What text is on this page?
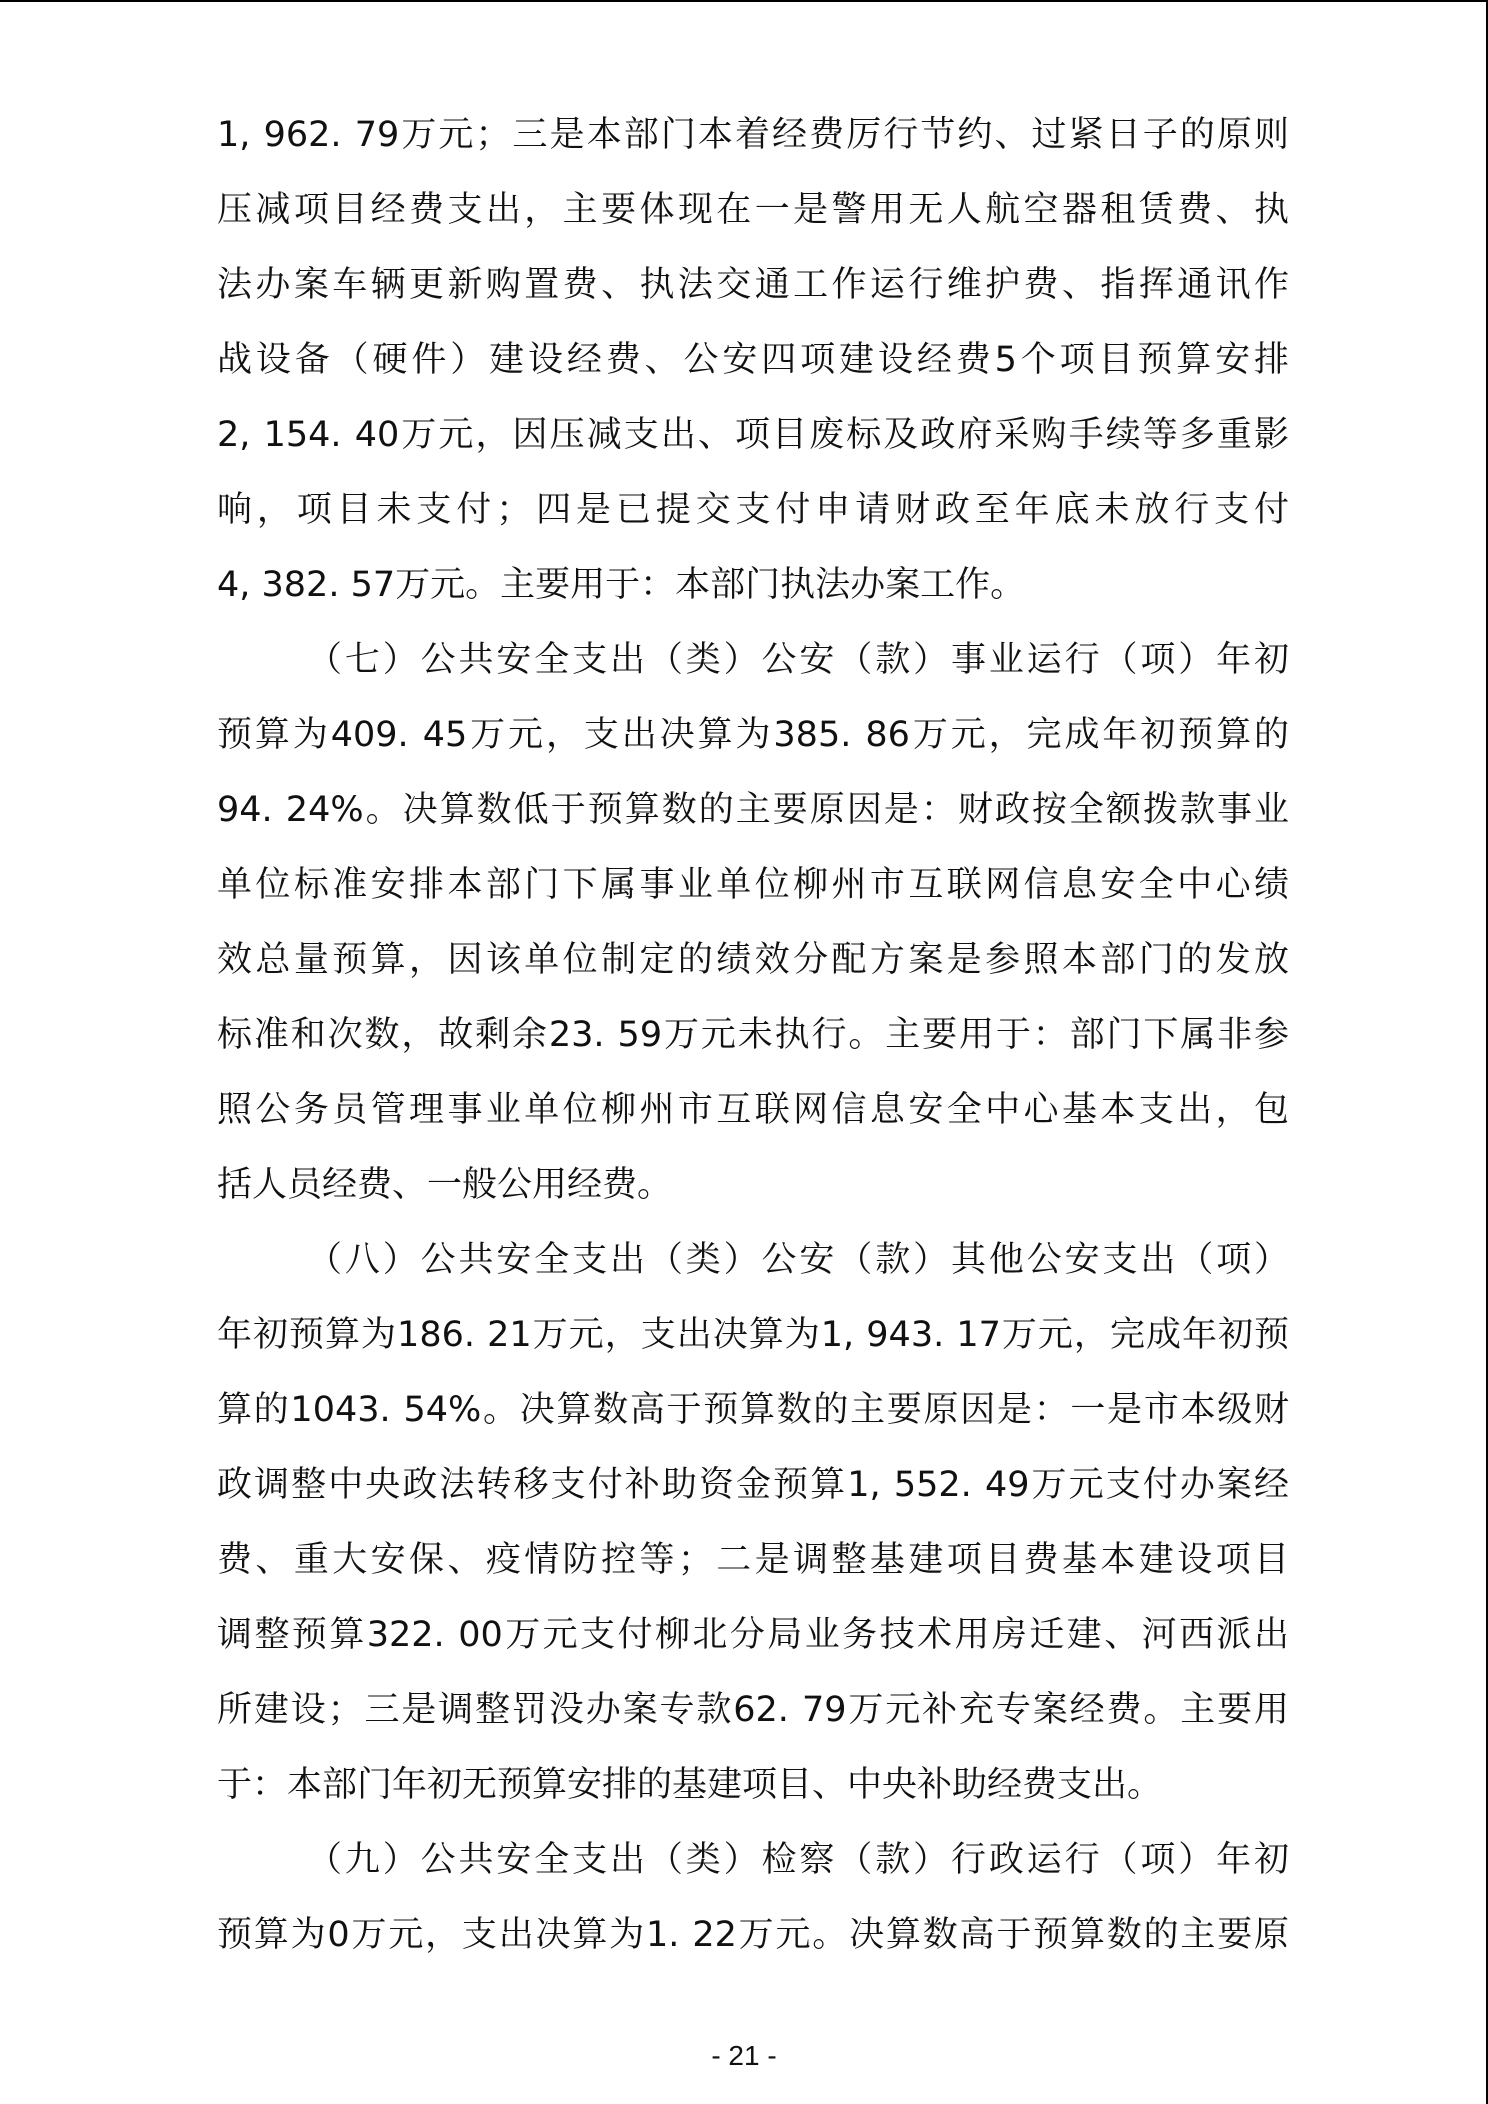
1, 962. 79万元；三是本部门本着经费厉行节约、过紧日子的原则
压减项目经费支出，主要体现在一是警用无人航空器租赁费、执
法办案车辆更新购置费、执法交通工作运行维护费、指挥通讯作
战设备（硬件）建设经费、公安四项建设经费5个项目预算安排
2, 154. 40万元，因压减支出、项目废标及政府采购手续等多重影
响，项目未支付；四是已提交支付申请财政至年底未放行支付
4, 382. 57万元。主要用于：本部门执法办案工作。
（七）公共安全支出（类）公安（款）事业运行（项）年初
预算为409. 45万元，支出决算为385. 86万元，完成年初预算的
94. 24%。决算数低于预算数的主要原因是：财政按全额拨款事业
单位标准安排本部门下属事业单位柳州市互联网信息安全中心绩
效总量预算，因该单位制定的绩效分配方案是参照本部门的发放
标准和次数，故剩余23. 59万元未执行。主要用于：部门下属非参
照公务员管理事业单位柳州市互联网信息安全中心基本支出，包
括人员经费、一般公用经费。
（八）公共安全支出（类）公安（款）其他公安支出（项）
年初预算为186. 21万元，支出决算为1, 943. 17万元，完成年初预
算的1043. 54%。决算数高于预算数的主要原因是：一是市本级财
政调整中央政法转移支付补助资金预算1, 552. 49万元支付办案经
费、重大安保、疫情防控等；二是调整基建项目费基本建设项目
调整预算322. 00万元支付柳北分局业务技术用房迁建、河西派出
所建设；三是调整罚没办案专款62. 79万元补充专案经费。主要用
于：本部门年初无预算安排的基建项目、中央补助经费支出。
（九）公共安全支出（类）检察（款）行政运行（项）年初
预算为0万元，支出决算为1. 22万元。决算数高于预算数的主要原
- 21 -
